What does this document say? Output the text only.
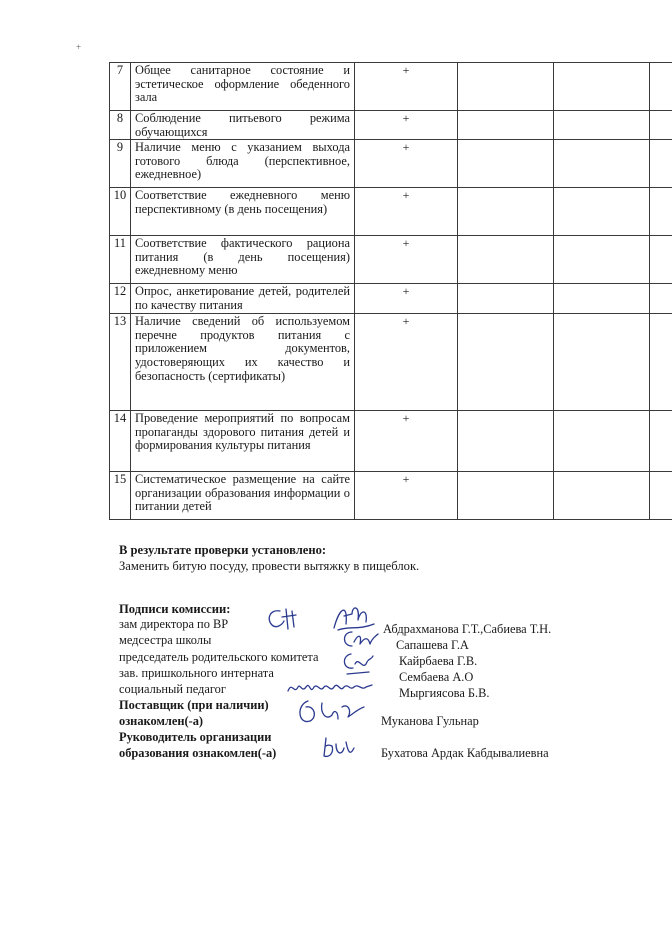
+
7	Общее санитарное состояние и эстетическое оформление обеденного зала	+			
8	Соблюдение питьевого режима обучающихся	+			
9	Наличие меню с указанием выхода готового блюда (перспективное, ежедневное)	+			
10	Соответствие ежедневного меню перспективному (в день посещения)	+			
11	Соответствие фактического рациона питания (в день посещения) ежедневному меню	+			
12	Опрос, анкетирование детей, родителей по качеству питания	+			
13	Наличие сведений об используемом перечне продуктов питания с приложением документов, удостоверяющих их качество и безопасность (сертификаты)	+			
14	Проведение мероприятий по вопросам пропаганды здорового питания детей и формирования культуры питания	+			
15	Систематическое размещение на сайте организации образования информации о питании детей	+			
В результате проверки установлено:
Заменить битую посуду, провести вытяжку в пищеблок.
Подписи комиссии:
зам директора по ВР
медсестра школы
председатель родительского комитета
зав. пришкольного интерната
социальный педагог
Абдрахманова Г.Т.,Сабиева Т.Н.
Сапашева Г.А
Кайрбаева Г.В.
Сембаева А.О
Мыргиясова Б.В.
Поставщик (при наличии)
ознакомлен(-а)	Муканова Гульнар
Руководитель организации
образования ознакомлен(-а)	Бухатова Ардак Кабдывалиевна
